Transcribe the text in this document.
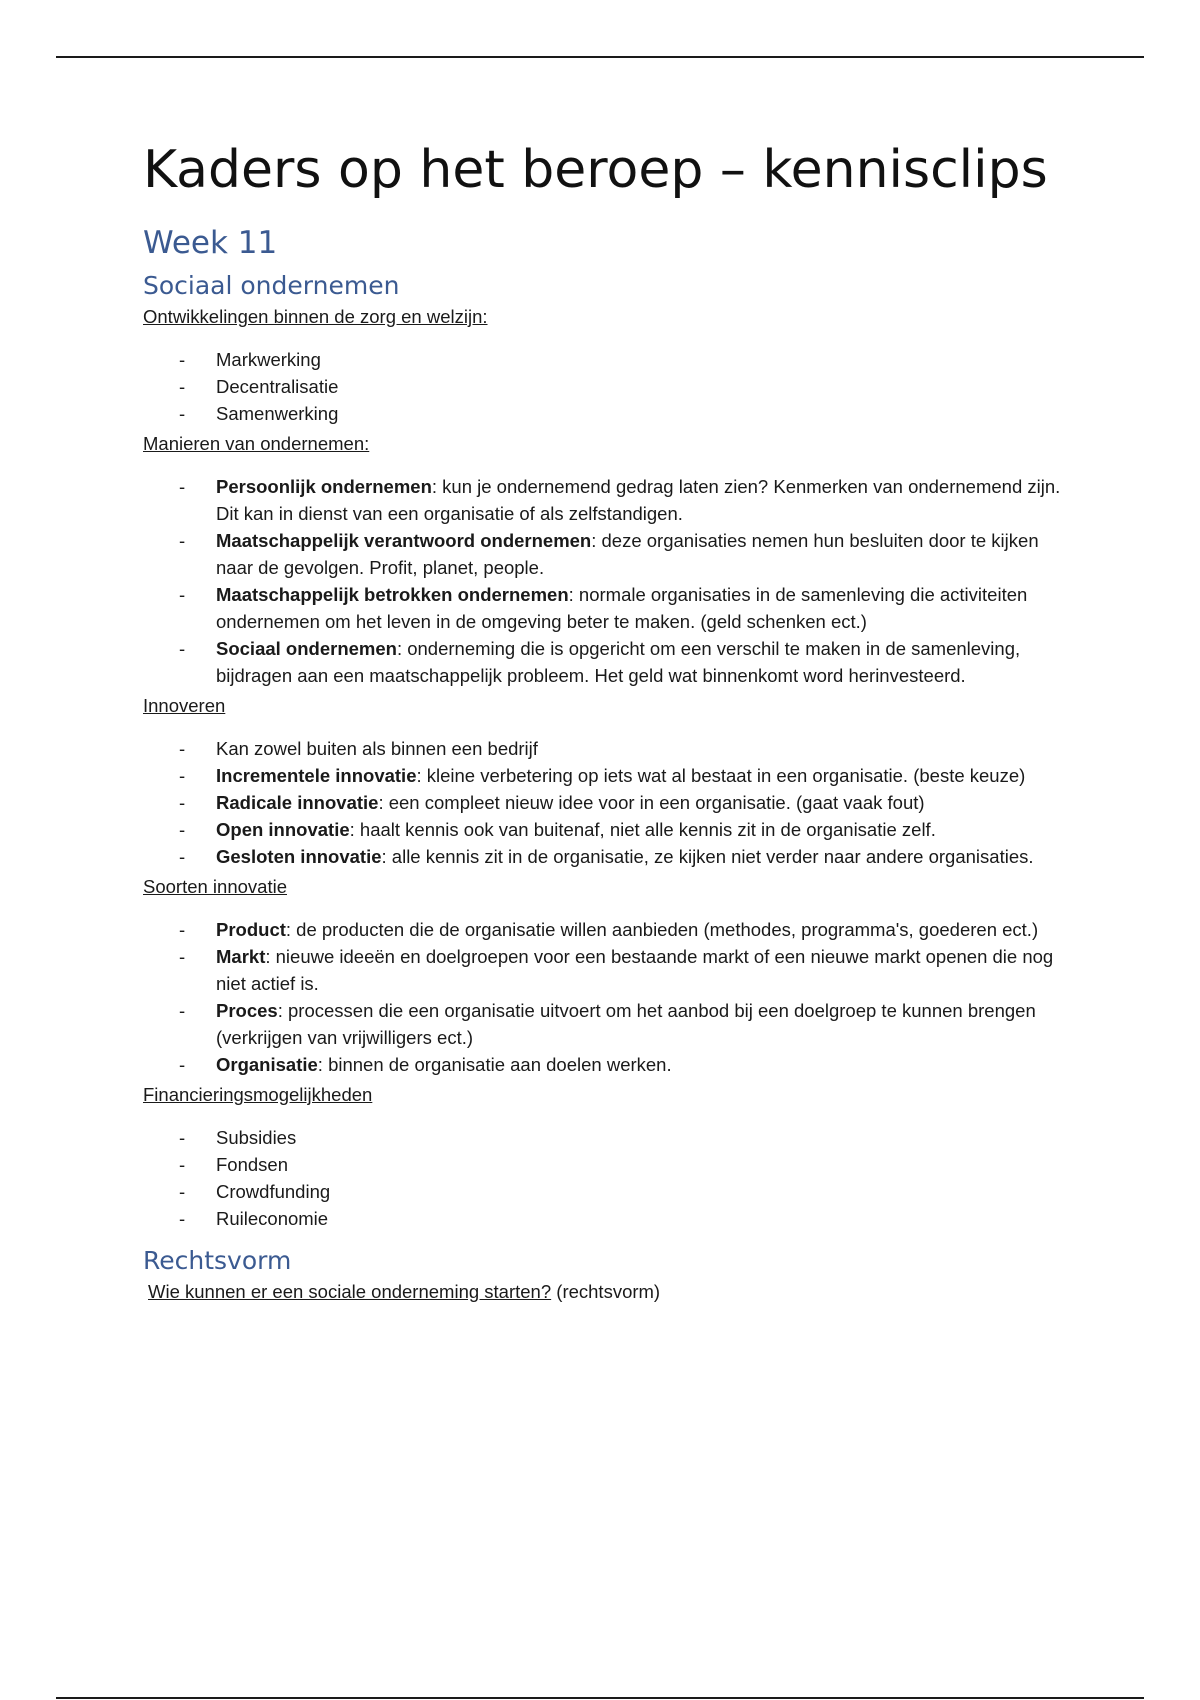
Kaders op het beroep – kennisclips
Week 11
Sociaal ondernemen

Ontwikkelingen binnen de zorg en welzijn:

- Markwerking
- Decentralisatie
- Samenwerking

Manieren van ondernemen:

- Persoonlijk ondernemen: kun je ondernemend gedrag laten zien? Kenmerken van ondernemend zijn. Dit kan in dienst van een organisatie of als zelfstandigen.
- Maatschappelijk verantwoord ondernemen: deze organisaties nemen hun besluiten door te kijken naar de gevolgen. Profit, planet, people.
- Maatschappelijk betrokken ondernemen: normale organisaties in de samenleving die activiteiten ondernemen om het leven in de omgeving beter te maken. (geld schenken ect.)
- Sociaal ondernemen: onderneming die is opgericht om een verschil te maken in de samenleving, bijdragen aan een maatschappelijk probleem. Het geld wat binnenkomt word herinvesteerd.

Innoveren

- Kan zowel buiten als binnen een bedrijf
- Incrementele innovatie: kleine verbetering op iets wat al bestaat in een organisatie. (beste keuze)
- Radicale innovatie: een compleet nieuw idee voor in een organisatie. (gaat vaak fout)
- Open innovatie: haalt kennis ook van buitenaf, niet alle kennis zit in de organisatie zelf.
- Gesloten innovatie: alle kennis zit in de organisatie, ze kijken niet verder naar andere organisaties.

Soorten innovatie

- Product: de producten die de organisatie willen aanbieden (methodes, programma's, goederen ect.)
- Markt: nieuwe ideeën en doelgroepen voor een bestaande markt of een nieuwe markt openen die nog niet actief is.
- Proces: processen die een organisatie uitvoert om het aanbod bij een doelgroep te kunnen brengen (verkrijgen van vrijwilligers ect.)
- Organisatie: binnen de organisatie aan doelen werken.

Financieringsmogelijkheden

- Subsidies
- Fondsen
- Crowdfunding
- Ruileconomie
Rechtsvorm

Wie kunnen er een sociale onderneming starten? (rechtsvorm)
